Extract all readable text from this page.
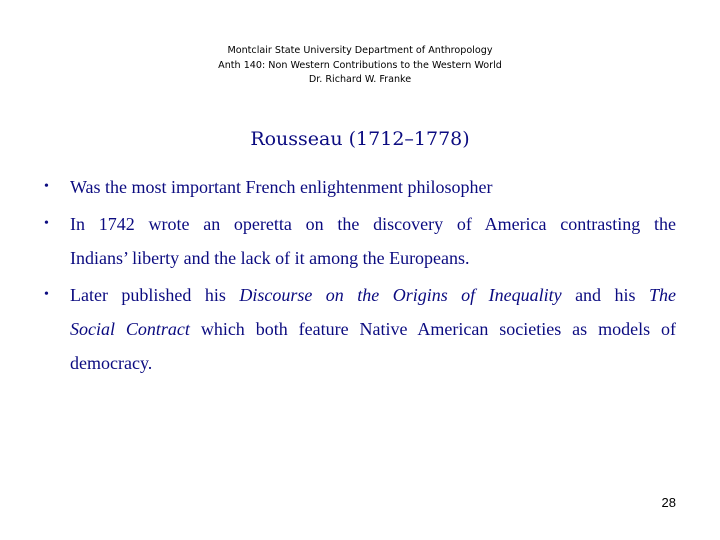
Montclair State University Department of Anthropology
Anth 140: Non Western Contributions to the Western World
Dr. Richard W. Franke
Rousseau (1712–1778)
• Was the most important French enlightenment philosopher
• In 1742 wrote an operetta on the discovery of America contrasting the
Indians’ liberty and the lack of it among the Europeans.
• Later published his Discourse on the Origins of Inequality and his The
Social Contract which both feature Native American societies as models of
democracy.
28
